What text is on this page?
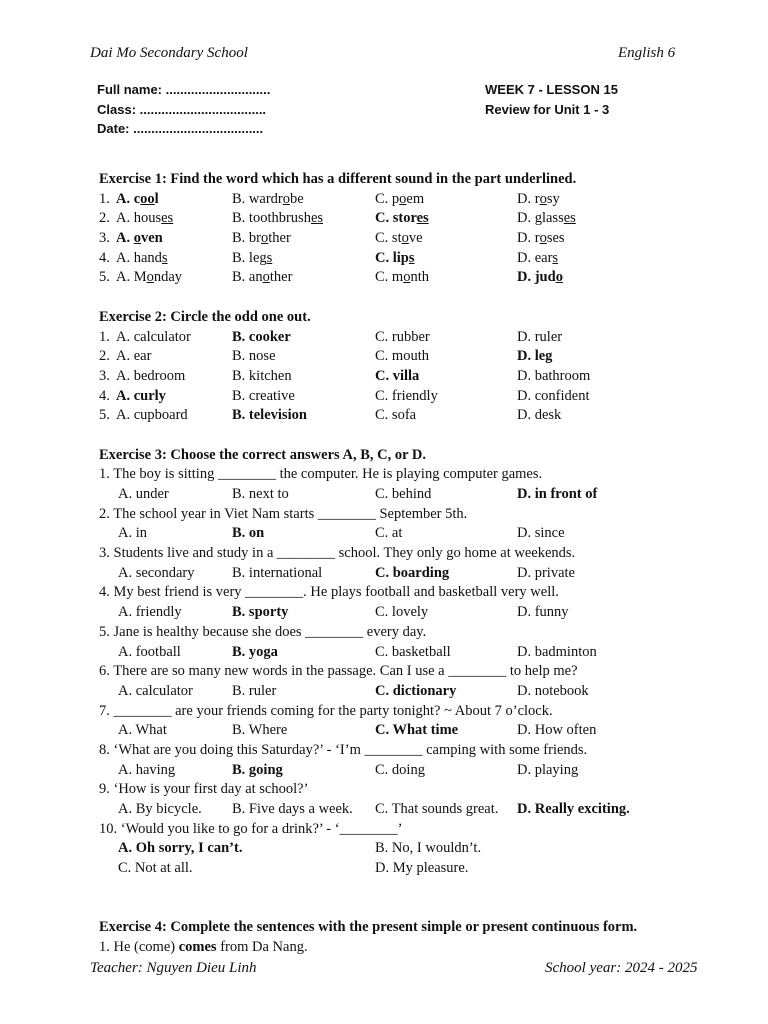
Dai Mo Secondary School	English 6
Full name: .............................
Class: ...................................
Date: ....................................
WEEK 7 - LESSON 15
Review for Unit 1 - 3
Exercise 1: Find the word which has a different sound in the part underlined.
1. A. cool	B. wardrobe	C. poem	D. rosy
2. A. houses	B. toothbrushes	C. stores	D. glasses
3. A. oven	B. brother	C. stove	D. roses
4. A. hands	B. legs	C. lips	D. ears
5. A. Monday	B. another	C. month	D. judo
Exercise 2: Circle the odd one out.
1. A. calculator	B. cooker	C. rubber	D. ruler
2. A. ear	B. nose	C. mouth	D. leg
3. A. bedroom	B. kitchen	C. villa	D. bathroom
4. A. curly	B. creative	C. friendly	D. confident
5. A. cupboard	B. television	C. sofa	D. desk
Exercise 3: Choose the correct answers A, B, C, or D.
1. The boy is sitting ________ the computer. He is playing computer games.
A. under	B. next to	C. behind	D. in front of
2. The school year in Viet Nam starts ________ September 5th.
A. in	B. on	C. at	D. since
3. Students live and study in a ________ school. They only go home at weekends.
A. secondary	B. international	C. boarding	D. private
4. My best friend is very ________. He plays football and basketball very well.
A. friendly	B. sporty	C. lovely	D. funny
5. Jane is healthy because she does ________ every day.
A. football	B. yoga	C. basketball	D. badminton
6. There are so many new words in the passage. Can I use a ________ to help me?
A. calculator	B. ruler	C. dictionary	D. notebook
7. ________ are your friends coming for the party tonight? ~ About 7 o’clock.
A. What	B. Where	C. What time	D. How often
8. ‘What are you doing this Saturday?’ - ‘I’m ________ camping with some friends.
A. having	B. going	C. doing	D. playing
9. ‘How is your first day at school?’
A. By bicycle. B. Five days a week. C. That sounds great. D. Really exciting.
10. ‘Would you like to go for a drink?’ - ‘________’
A. Oh sorry, I can’t.	B. No, I wouldn’t.
C. Not at all.	D. My pleasure.
Exercise 4: Complete the sentences with the present simple or present continuous form.
1. He (come) comes from Da Nang.
Teacher: Nguyen Dieu Linh	School year: 2024 - 2025
